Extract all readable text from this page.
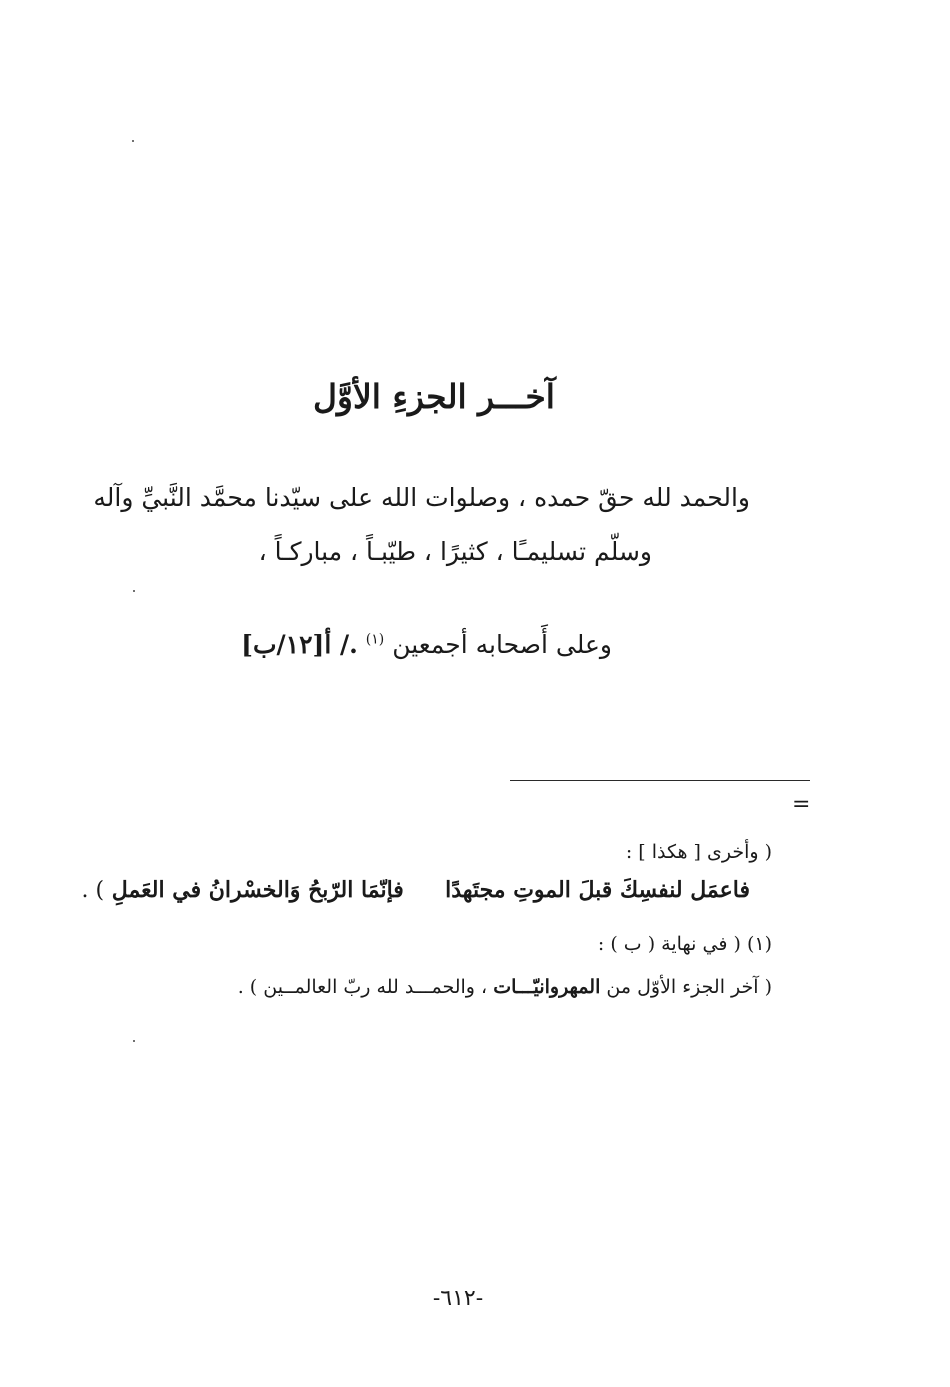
آخـــر الجزءِ الأوَّل
والحمد لله حقّ حمده ، وصلوات الله على سيّدنا محمَّد النَّبيِّ وآله
وسلّم تسليمـًا ، كثيرًا ، طيّبـاً ، مباركـاً ،
وعلى أَصحابه أجمعين $^{(١)}$ ./ أ[١٢/ب]
=
( وأخرى [ هكذا ] :
فاعمَل لنفسِكَ قبلَ الموتِ مجتَهدًا  فإنّمَا الرّبحُ وَالخسْرانُ في العَملِ ) .
(١) ( في نهاية ( ب ) :
( آخر الجزء الأوّل من المهروانيّـــات ، والحمـــد لله ربّ العالمــين ) .
-٦١٢-
